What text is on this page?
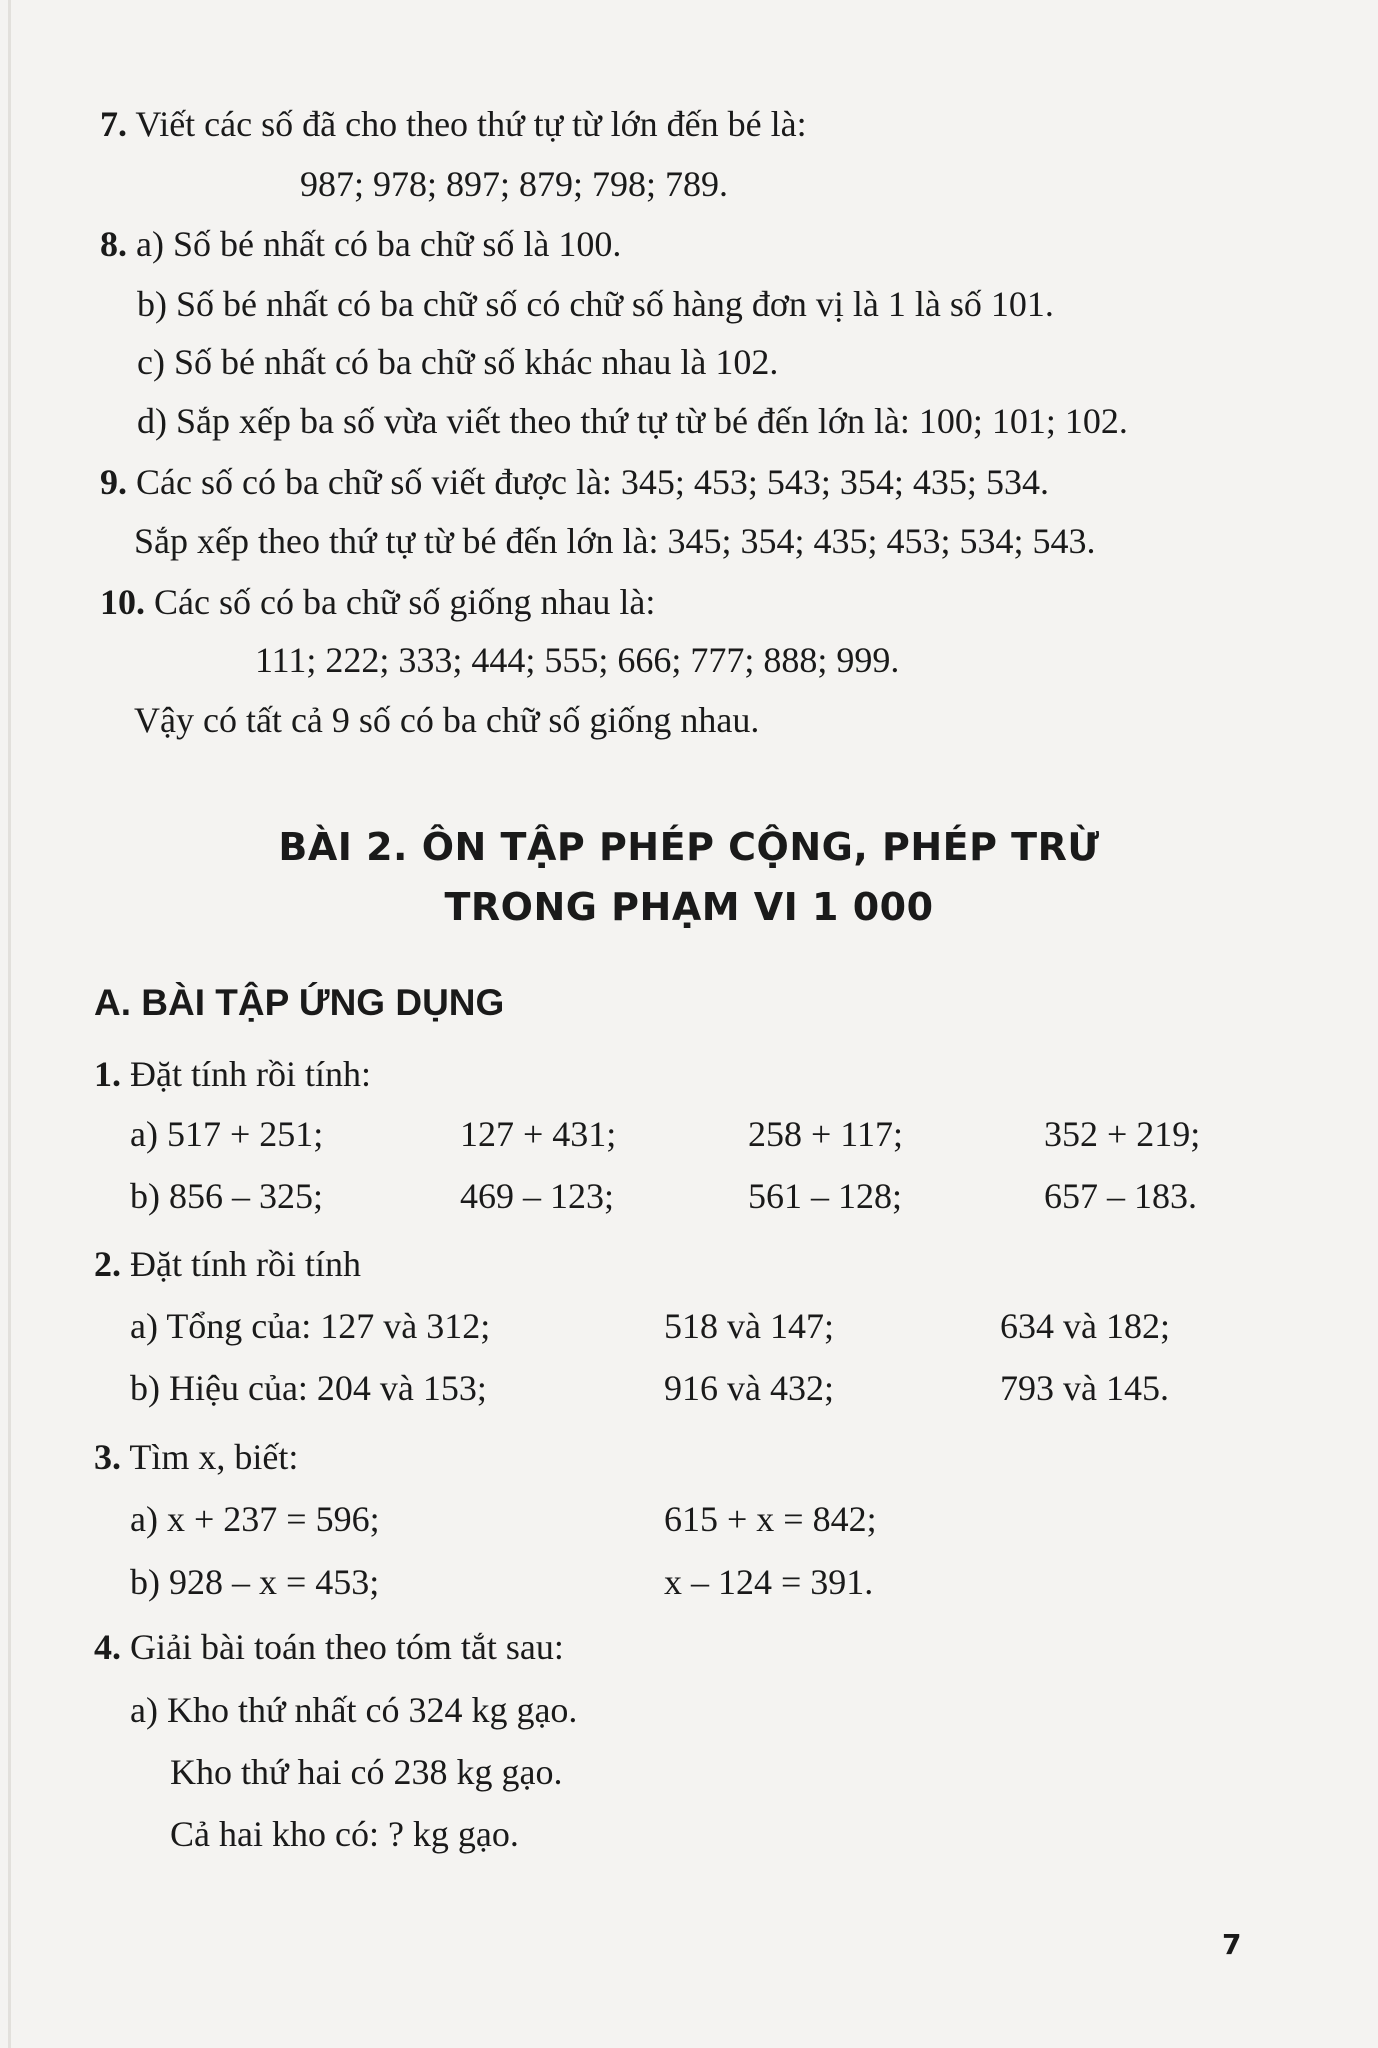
7. Viết các số đã cho theo thứ tự từ lớn đến bé là:
987; 978; 897; 879; 798; 789.
8. a) Số bé nhất có ba chữ số là 100.
b) Số bé nhất có ba chữ số có chữ số hàng đơn vị là 1 là số 101.
c) Số bé nhất có ba chữ số khác nhau là 102.
d) Sắp xếp ba số vừa viết theo thứ tự từ bé đến lớn là: 100; 101; 102.
9. Các số có ba chữ số viết được là: 345; 453; 543; 354; 435; 534.
Sắp xếp theo thứ tự từ bé đến lớn là: 345; 354; 435; 453; 534; 543.
10. Các số có ba chữ số giống nhau là:
111; 222; 333; 444; 555; 666; 777; 888; 999.
Vậy có tất cả 9 số có ba chữ số giống nhau.
BÀI 2. ÔN TẬP PHÉP CỘNG, PHÉP TRỪ
TRONG PHẠM VI 1 000
A. BÀI TẬP ỨNG DỤNG
1. Đặt tính rồi tính:
a) 517 + 251;	127 + 431;	258 + 117;	352 + 219;
b) 856 – 325;	469 – 123;	561 – 128;	657 – 183.
2. Đặt tính rồi tính
a) Tổng của: 127 và 312;	518 và 147;	634 và 182;
b) Hiệu của: 204 và 153;	916 và 432;	793 và 145.
3. Tìm x, biết:
a) x + 237 = 596;	615 + x = 842;
b) 928 – x = 453;	x – 124 = 391.
4. Giải bài toán theo tóm tắt sau:
a) Kho thứ nhất có 324 kg gạo.
Kho thứ hai có 238 kg gạo.
Cả hai kho có: ? kg gạo.
7
